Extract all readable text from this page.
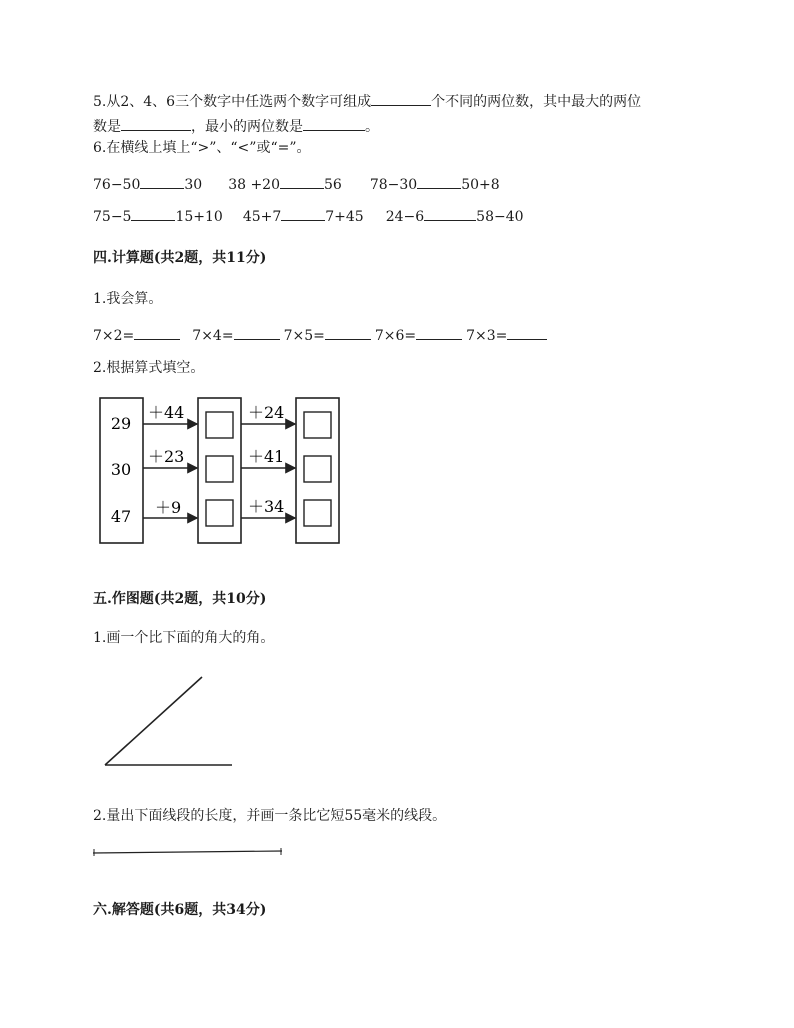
5.从2、4、6三个数字中任选两个数字可组成	个不同的两位数，其中最大的两位
数是	，最小的两位数是	。
6.在横线上填上“>”、“<”或“=”。
76−50	30 38 +20	56 78−30	50+8
75−5	15+10 45+7	7+45 24−6	58−40
四.计算题(共2题，共11分)
1.我会算。
7×2=	7×4=	7×5=	7×6=	7×3=
2.根据算式填空。
29
30
47
＋44
＋23
＋9
＋24
＋41
＋34
五.作图题(共2题，共10分)
1.画一个比下面的角大的角。
2.量出下面线段的长度，并画一条比它短55毫米的线段。
六.解答题(共6题，共34分)
